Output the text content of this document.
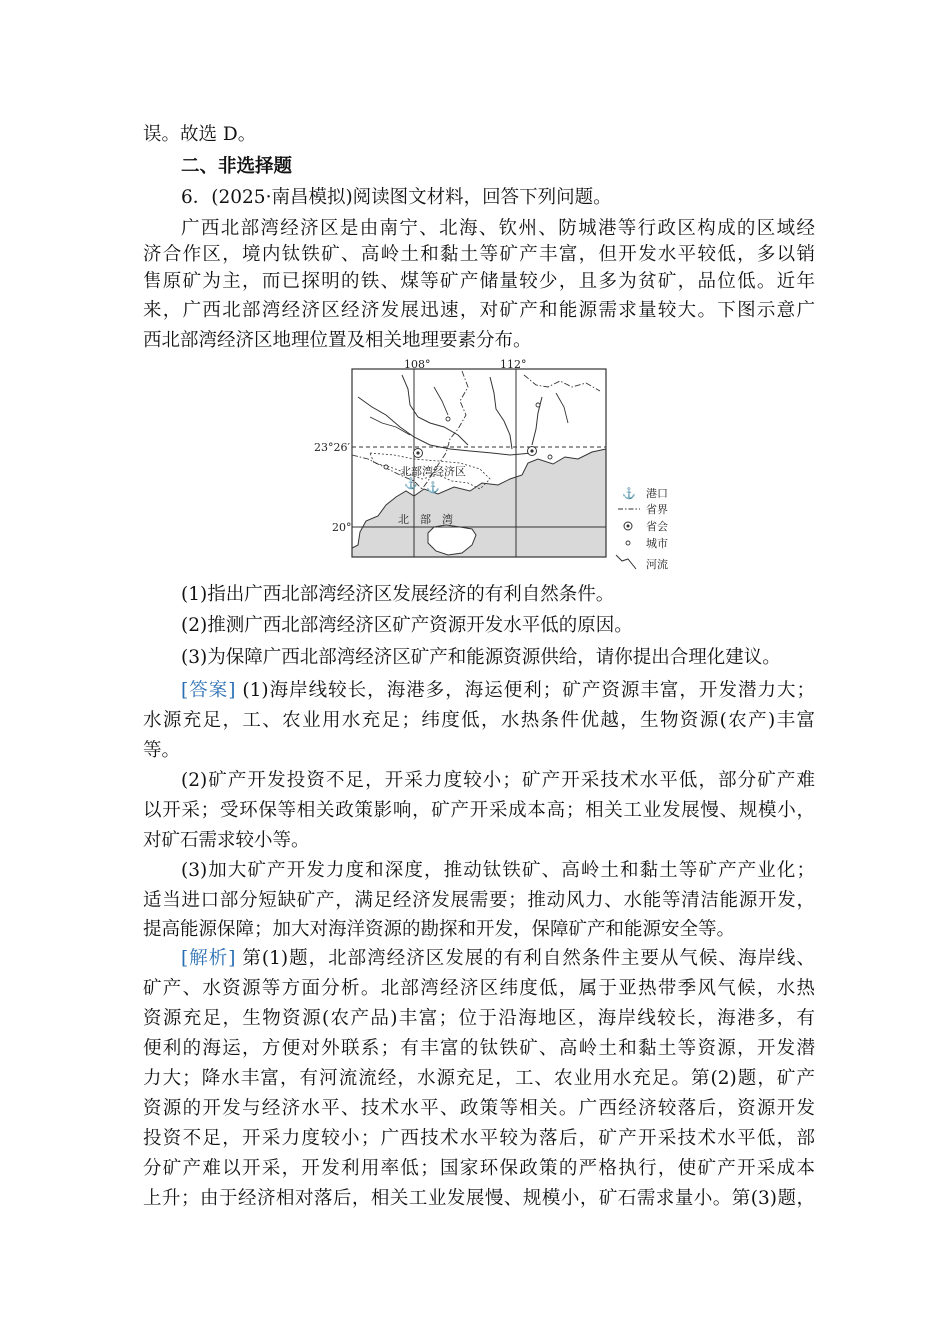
误。故选 D。
二、非选择题
6．(2025·南昌模拟)阅读图文材料，回答下列问题。
广西北部湾经济区是由南宁、北海、钦州、防城港等行政区构成的区域经
济合作区，境内钛铁矿、高岭土和黏土等矿产丰富，但开发水平较低，多以销
售原矿为主，而已探明的铁、煤等矿产储量较少，且多为贫矿，品位低。近年
来，广西北部湾经济区经济发展迅速，对矿产和能源需求量较大。下图示意广
西北部湾经济区地理位置及相关地理要素分布。
⚓
⚓
108°	112°
23°26′
20°
北部湾经济区
北　部　湾
⚓ 港口
省界
省会
城市
河流
(1)指出广西北部湾经济区发展经济的有利自然条件。
(2)推测广西北部湾经济区矿产资源开发水平低的原因。
(3)为保障广西北部湾经济区矿产和能源资源供给，请你提出合理化建议。
[答案] (1)海岸线较长，海港多，海运便利；矿产资源丰富，开发潜力大；
水源充足，工、农业用水充足；纬度低，水热条件优越，生物资源(农产)丰富
等。
(2)矿产开发投资不足，开采力度较小；矿产开采技术水平低，部分矿产难
以开采；受环保等相关政策影响，矿产开采成本高；相关工业发展慢、规模小，
对矿石需求较小等。
(3)加大矿产开发力度和深度，推动钛铁矿、高岭土和黏土等矿产产业化；
适当进口部分短缺矿产，满足经济发展需要；推动风力、水能等清洁能源开发，
提高能源保障；加大对海洋资源的勘探和开发，保障矿产和能源安全等。
[解析] 第(1)题，北部湾经济区发展的有利自然条件主要从气候、海岸线、
矿产、水资源等方面分析。北部湾经济区纬度低，属于亚热带季风气候，水热
资源充足，生物资源(农产品)丰富；位于沿海地区，海岸线较长，海港多，有
便利的海运，方便对外联系；有丰富的钛铁矿、高岭土和黏土等资源，开发潜
力大；降水丰富，有河流流经，水源充足，工、农业用水充足。第(2)题，矿产
资源的开发与经济水平、技术水平、政策等相关。广西经济较落后，资源开发
投资不足，开采力度较小；广西技术水平较为落后，矿产开采技术水平低，部
分矿产难以开采，开发利用率低；国家环保政策的严格执行，使矿产开采成本
上升；由于经济相对落后，相关工业发展慢、规模小，矿石需求量小。第(3)题，
